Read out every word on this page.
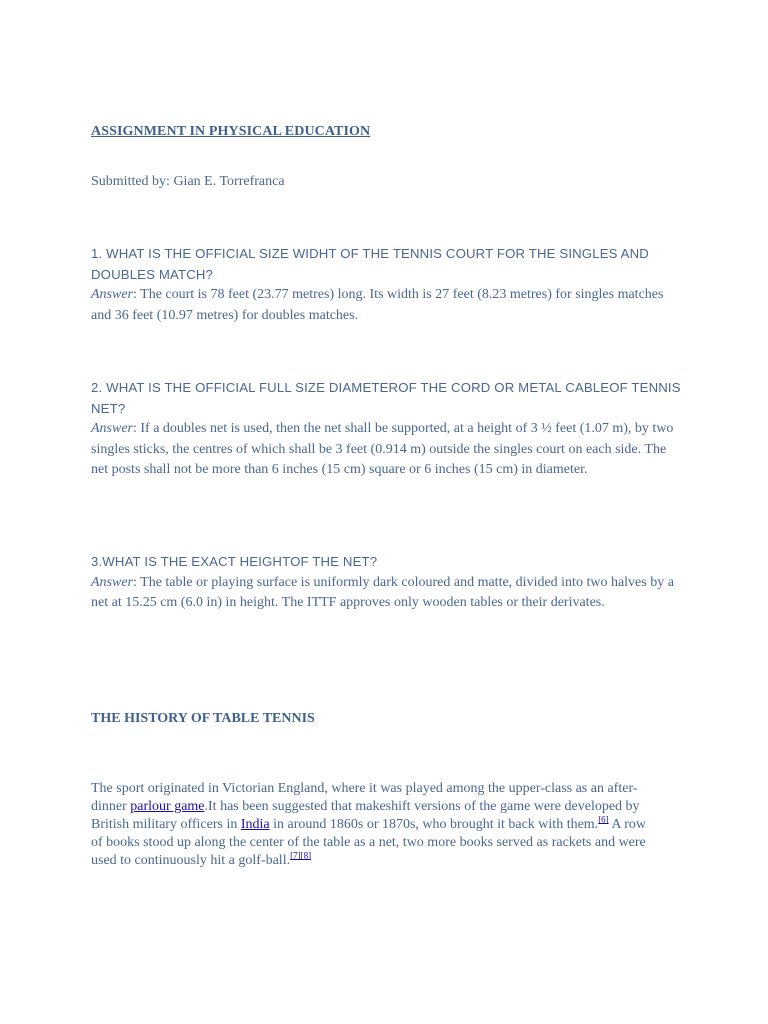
ASSIGNMENT IN PHYSICAL EDUCATION
Submitted by: Gian E. Torrefranca
1. WHAT IS THE OFFICIAL SIZE WIDHT OF THE TENNIS COURT FOR THE SINGLES AND DOUBLES MATCH?
Answer: The court is 78 feet (23.77 metres) long. Its width is 27 feet (8.23 metres) for singles matches and 36 feet (10.97 metres) for doubles matches.
2. WHAT IS THE OFFICIAL FULL SIZE DIAMETEROF THE CORD OR METAL CABLEOF TENNIS NET?
Answer: If a doubles net is used, then the net shall be supported, at a height of 3 ½ feet (1.07 m), by two singles sticks, the centres of which shall be 3 feet (0.914 m) outside the singles court on each side. The net posts shall not be more than 6 inches (15 cm) square or 6 inches (15 cm) in diameter.
3.WHAT IS THE EXACT HEIGHTOF THE NET?
Answer: The table or playing surface is uniformly dark coloured and matte, divided into two halves by a net at 15.25 cm (6.0 in) in height. The ITTF approves only wooden tables or their derivates.
THE HISTORY OF TABLE TENNIS
The sport originated in Victorian England, where it was played among the upper-class as an after-dinner parlour game.It has been suggested that makeshift versions of the game were developed by British military officers in India in around 1860s or 1870s, who brought it back with them.[6] A row of books stood up along the center of the table as a net, two more books served as rackets and were used to continuously hit a golf-ball.[7][8]
